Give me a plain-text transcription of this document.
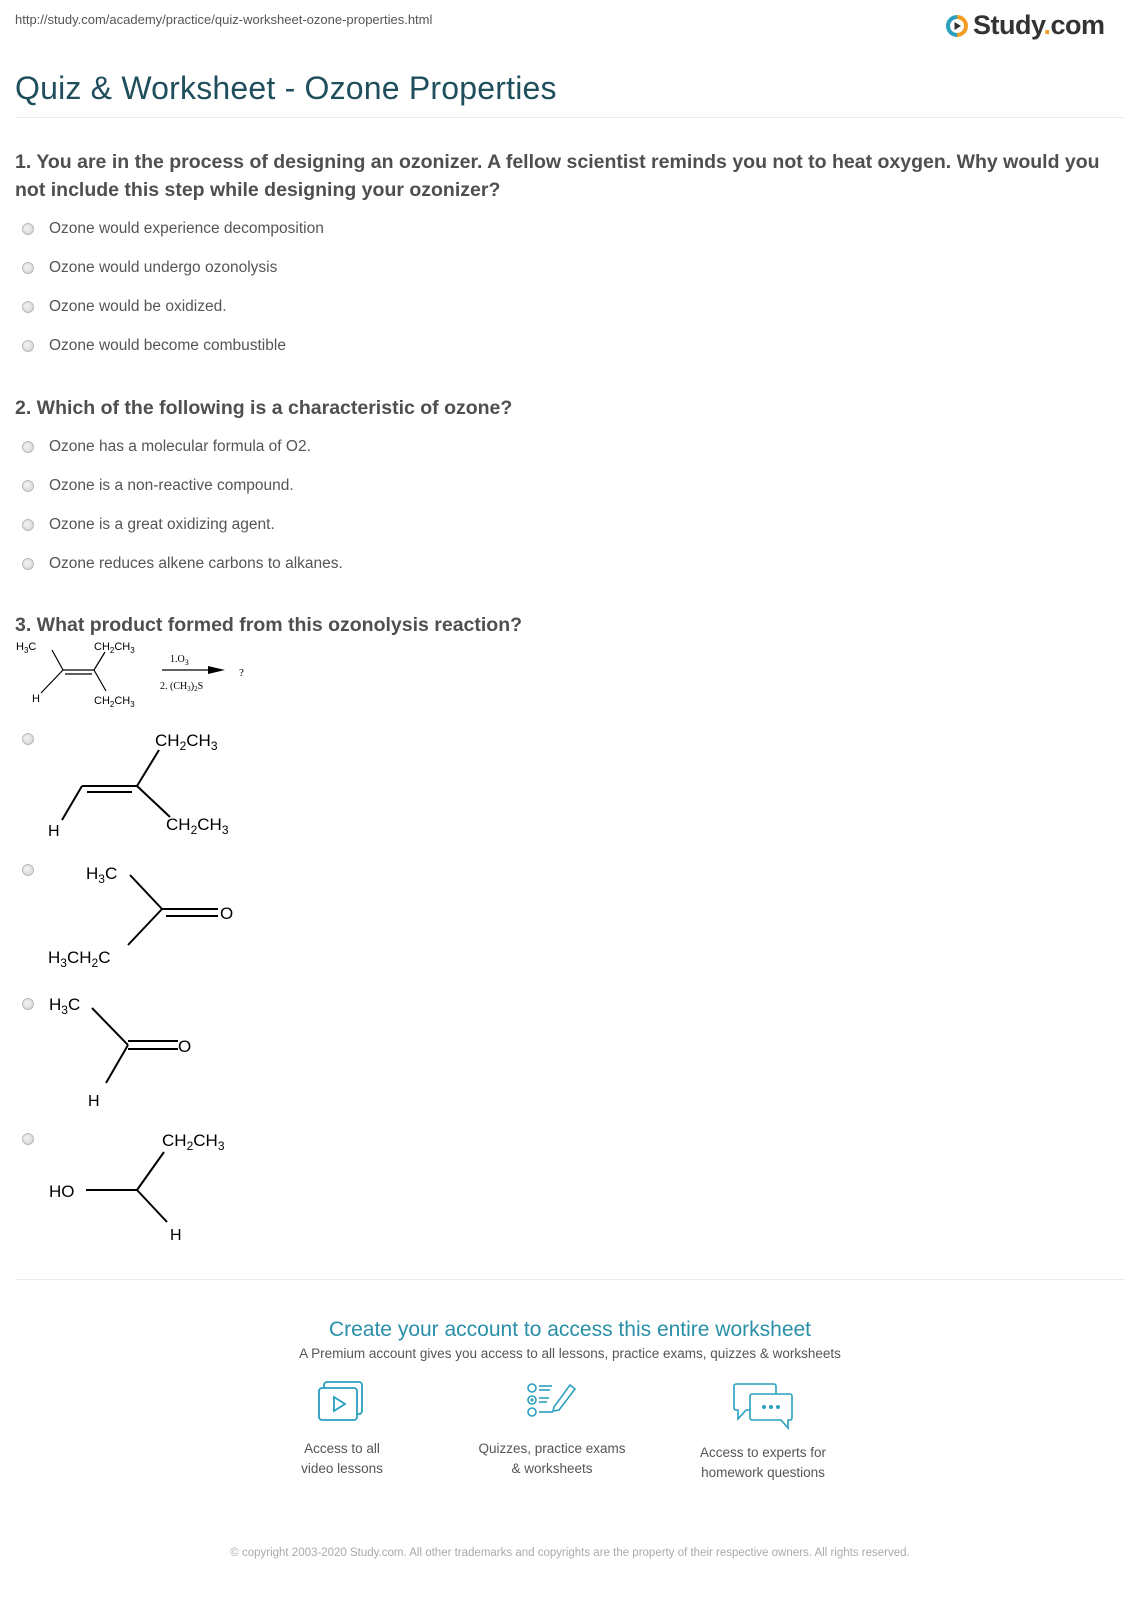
http://study.com/academy/practice/quiz-worksheet-ozone-properties.html	Study.com
Quiz & Worksheet - Ozone Properties
1. You are in the process of designing an ozonizer. A fellow scientist reminds you not to heat oxygen. Why would you not include this step while designing your ozonizer?
Ozone would experience decomposition
Ozone would undergo ozonolysis
Ozone would be oxidized.
Ozone would become combustible
2. Which of the following is a characteristic of ozone?
Ozone has a molecular formula of O2.
Ozone is a non-reactive compound.
Ozone is a great oxidizing agent.
Ozone reduces alkene carbons to alkanes.
3. What product formed from this ozonolysis reaction?
$H_3C$	$CH_2CH_3$
H	$CH_2CH_3$
$1.O_3$
2. $(CH_3)_2S$
?
$CH_2CH_3$
H	$CH_2CH_3$
$H_3C$
O
$H_3CH_2C$
$H_3C$
O
H
$CH_2CH_3$
HO
H
Create your account to access this entire worksheet
A Premium account gives you access to all lessons, practice exams, quizzes & worksheets
Access to all
video lessons
Quizzes, practice exams
& worksheets
Access to experts for
homework questions
© copyright 2003-2020 Study.com. All other trademarks and copyrights are the property of their respective owners. All rights reserved.
